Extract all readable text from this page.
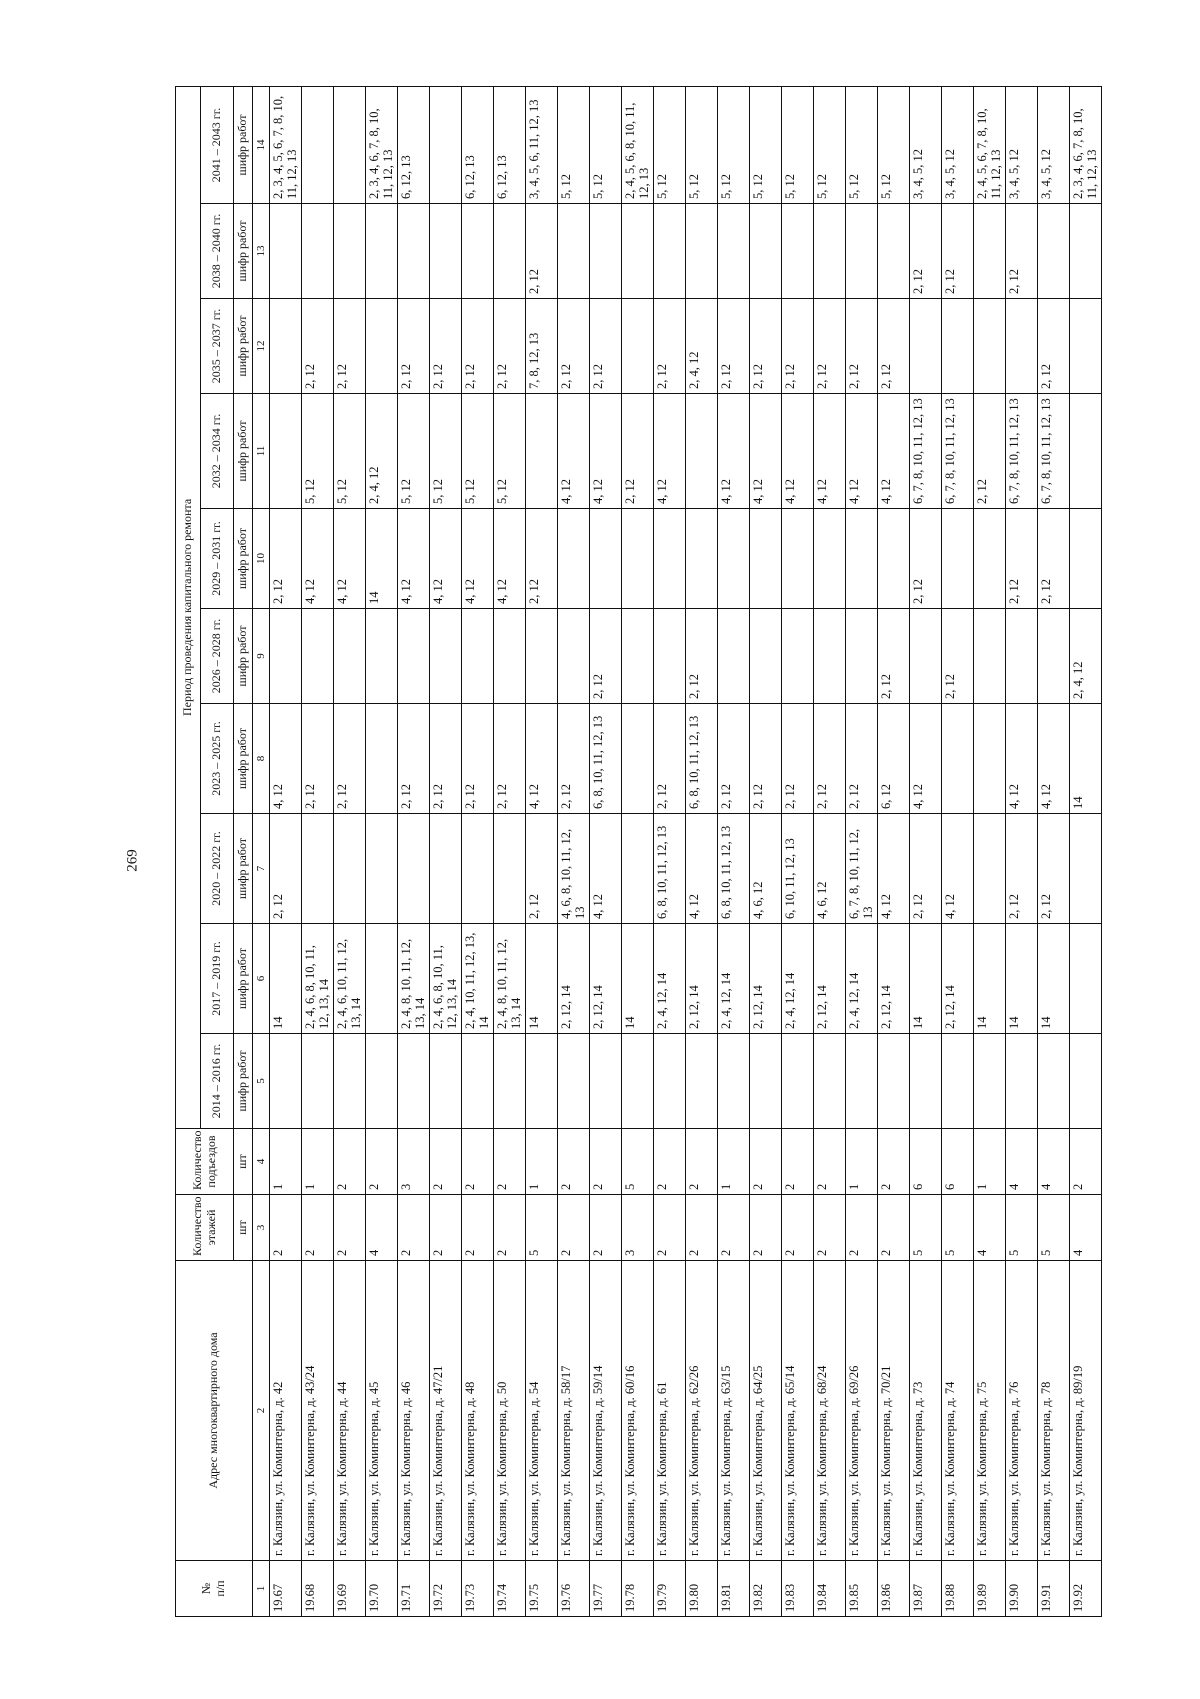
269
№
п/п	Адрес многоквартирного дома	Количество этажей	Количество подъездов	Период проведения капитального ремонта									
				2014 – 2016 гг.	2017 – 2019 гг.	2020 – 2022 гг.	2023 – 2025 гг.	2026 – 2028 гг.	2029 – 2031 гг.	2032 – 2034 гг.	2035 – 2037 гг.	2038 – 2040 гг.	2041 – 2043 гг.
		шт	шт	шифр работ	шифр работ	шифр работ	шифр работ	шифр работ	шифр работ	шифр работ	шифр работ	шифр работ	шифр работ
1	2	3	4	5	6	7	8	9	10	11	12	13	14
19.67	г. Калязин, ул. Коминтерна, д. 42	2	1		14	2, 12	4, 12		2, 12				2, 3, 4, 5, 6, 7, 8, 10, 11, 12, 13
19.68	г. Калязин, ул. Коминтерна, д. 43/24	2	1		2, 4, 6, 8, 10, 11, 12, 13, 14		2, 12		4, 12	5, 12	2, 12		
19.69	г. Калязин, ул. Коминтерна, д. 44	2	2		2, 4, 6, 10, 11, 12, 13, 14		2, 12		4, 12	5, 12	2, 12		
19.70	г. Калязин, ул. Коминтерна, д. 45	4	2						14	2, 4, 12			2, 3, 4, 6, 7, 8, 10, 11, 12, 13
19.71	г. Калязин, ул. Коминтерна, д. 46	2	3		2, 4, 8, 10, 11, 12, 13, 14		2, 12		4, 12	5, 12	2, 12		6, 12, 13
19.72	г. Калязин, ул. Коминтерна, д. 47/21	2	2		2, 4, 6, 8, 10, 11, 12, 13, 14		2, 12		4, 12	5, 12	2, 12		
19.73	г. Калязин, ул. Коминтерна, д. 48	2	2		2, 4, 10, 11, 12, 13, 14		2, 12		4, 12	5, 12	2, 12		6, 12, 13
19.74	г. Калязин, ул. Коминтерна, д. 50	2	2		2, 4, 8, 10, 11, 12, 13, 14		2, 12		4, 12	5, 12	2, 12		6, 12, 13
19.75	г. Калязин, ул. Коминтерна, д. 54	5	1		14	2, 12	4, 12		2, 12		7, 8, 12, 13	2, 12	3, 4, 5, 6, 11, 12, 13
19.76	г. Калязин, ул. Коминтерна, д. 58/17	2	2		2, 12, 14	4, 6, 8, 10, 11, 12, 13	2, 12			4, 12	2, 12		5, 12
19.77	г. Калязин, ул. Коминтерна, д. 59/14	2	2		2, 12, 14	4, 12	6, 8, 10, 11, 12, 13	2, 12		4, 12	2, 12		5, 12
19.78	г. Калязин, ул. Коминтерна, д. 60/16	3	5		14					2, 12			2, 4, 5, 6, 8, 10, 11, 12, 13
19.79	г. Калязин, ул. Коминтерна, д. 61	2	2		2, 4, 12, 14	6, 8, 10, 11, 12, 13	2, 12			4, 12	2, 12		5, 12
19.80	г. Калязин, ул. Коминтерна, д. 62/26	2	2		2, 12, 14	4, 12	6, 8, 10, 11, 12, 13	2, 12			2, 4, 12		5, 12
19.81	г. Калязин, ул. Коминтерна, д. 63/15	2	1		2, 4, 12, 14	6, 8, 10, 11, 12, 13	2, 12			4, 12	2, 12		5, 12
19.82	г. Калязин, ул. Коминтерна, д. 64/25	2	2		2, 12, 14	4, 6, 12	2, 12			4, 12	2, 12		5, 12
19.83	г. Калязин, ул. Коминтерна, д. 65/14	2	2		2, 4, 12, 14	6, 10, 11, 12, 13	2, 12			4, 12	2, 12		5, 12
19.84	г. Калязин, ул. Коминтерна, д. 68/24	2	2		2, 12, 14	4, 6, 12	2, 12			4, 12	2, 12		5, 12
19.85	г. Калязин, ул. Коминтерна, д. 69/26	2	1		2, 4, 12, 14	6, 7, 8, 10, 11, 12, 13	2, 12			4, 12	2, 12		5, 12
19.86	г. Калязин, ул. Коминтерна, д. 70/21	2	2		2, 12, 14	4, 12	6, 12	2, 12		4, 12	2, 12		5, 12
19.87	г. Калязин, ул. Коминтерна, д. 73	5	6		14	2, 12	4, 12		2, 12	6, 7, 8, 10, 11, 12, 13		2, 12	3, 4, 5, 12
19.88	г. Калязин, ул. Коминтерна, д. 74	5	6		2, 12, 14	4, 12		2, 12		6, 7, 8, 10, 11, 12, 13		2, 12	3, 4, 5, 12
19.89	г. Калязин, ул. Коминтерна, д. 75	4	1		14					2, 12			2, 4, 5, 6, 7, 8, 10, 11, 12, 13
19.90	г. Калязин, ул. Коминтерна, д. 76	5	4		14	2, 12	4, 12		2, 12	6, 7, 8, 10, 11, 12, 13		2, 12	3, 4, 5, 12
19.91	г. Калязин, ул. Коминтерна, д. 78	5	4		14	2, 12	4, 12		2, 12	6, 7, 8, 10, 11, 12, 13	2, 12		3, 4, 5, 12
19.92	г. Калязин, ул. Коминтерна, д. 89/19	4	2				14	2, 4, 12					2, 3, 4, 6, 7, 8, 10, 11, 12, 13
